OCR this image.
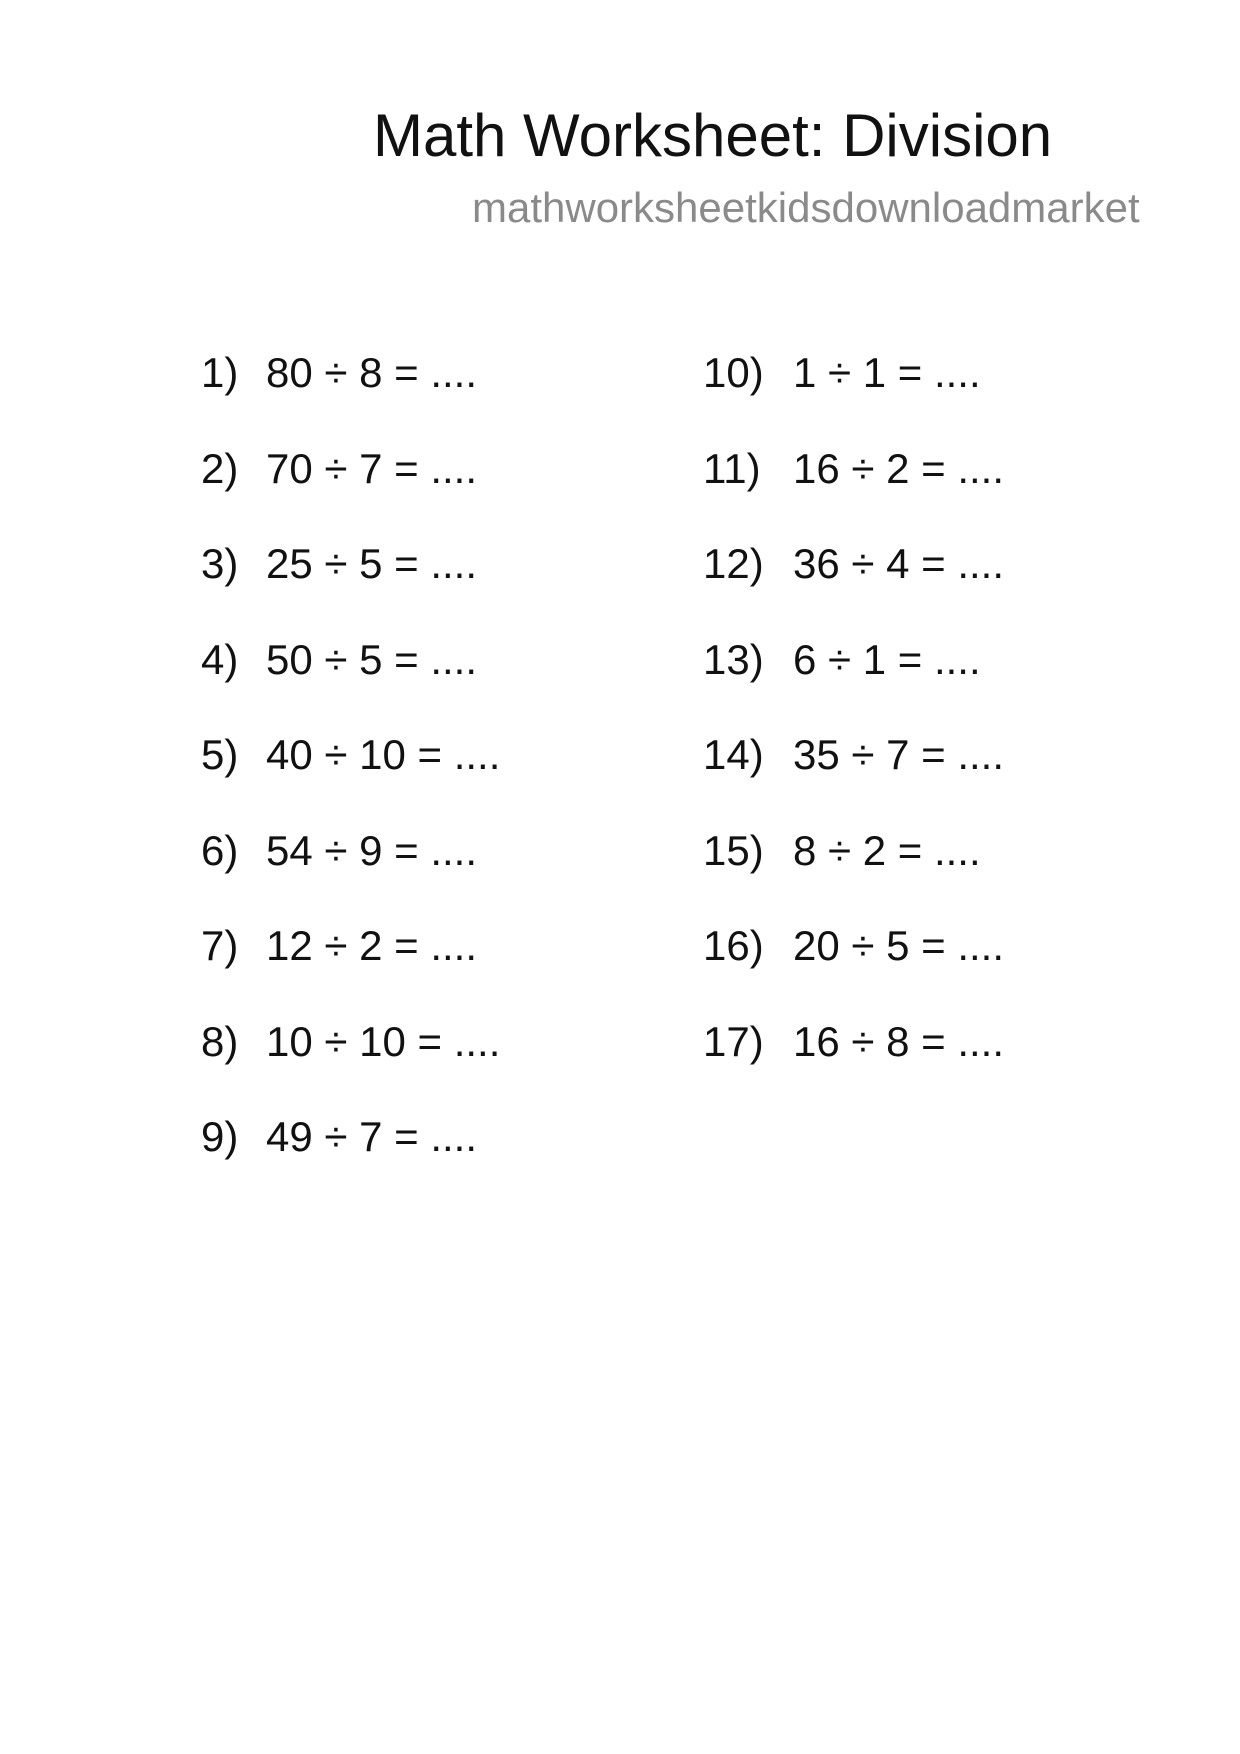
Math Worksheet: Division
mathworksheetkidsdownloadmarket
1) 80 ÷ 8 = ....
2) 70 ÷ 7 = ....
3) 25 ÷ 5 = ....
4) 50 ÷ 5 = ....
5) 40 ÷ 10 = ....
6) 54 ÷ 9 = ....
7) 12 ÷ 2 = ....
8) 10 ÷ 10 = ....
9) 49 ÷ 7 = ....
10) 1 ÷ 1 = ....
11) 16 ÷ 2 = ....
12) 36 ÷ 4 = ....
13) 6 ÷ 1 = ....
14) 35 ÷ 7 = ....
15) 8 ÷ 2 = ....
16) 20 ÷ 5 = ....
17) 16 ÷ 8 = ....
